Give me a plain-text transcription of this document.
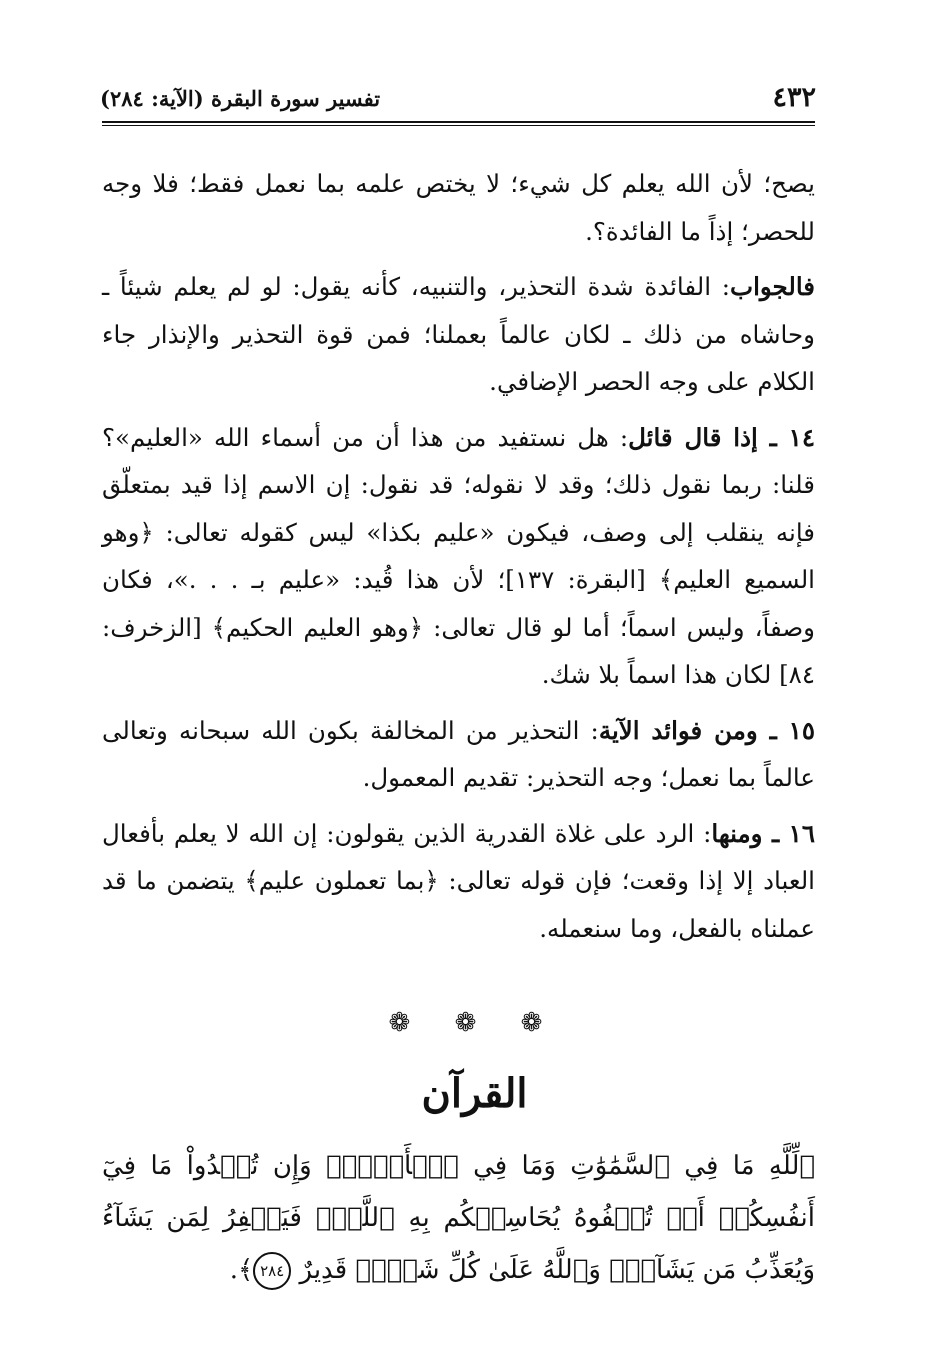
٤٣٢
تفسير سورة البقرة (الآية: ٢٨٤)

يصح؛ لأن الله يعلم كل شيء؛ لا يختص علمه بما نعمل فقط؛ فلا وجه للحصر؛ إذاً ما الفائدة؟.

فالجواب: الفائدة شدة التحذير، والتنبيه، كأنه يقول: لو لم يعلم شيئاً ـ وحاشاه من ذلك ـ لكان عالماً بعملنا؛ فمن قوة التحذير والإنذار جاء الكلام على وجه الحصر الإضافي.

١٤ ـ إذا قال قائل: هل نستفيد من هذا أن من أسماء الله «العليم»؟ قلنا: ربما نقول ذلك؛ وقد لا نقوله؛ قد نقول: إن الاسم إذا قيد بمتعلّق فإنه ينقلب إلى وصف، فيكون «عليم بكذا» ليس كقوله تعالى: ﴿وهو السميع العليم﴾ [البقرة: ١٣٧]؛ لأن هذا قُيد: «عليم بـ . . .»، فكان وصفاً، وليس اسماً؛ أما لو قال تعالى: ﴿وهو العليم الحكيم﴾ [الزخرف: ٨٤] لكان هذا اسماً بلا شك.

١٥ ـ ومن فوائد الآية: التحذير من المخالفة بكون الله سبحانه وتعالى عالماً بما نعمل؛ وجه التحذير: تقديم المعمول.

١٦ ـ ومنها: الرد على غلاة القدرية الذين يقولون: إن الله لا يعلم بأفعال العباد إلا إذا وقعت؛ فإن قوله تعالى: ﴿بما تعملون عليم﴾ يتضمن ما قد عملناه بالفعل، وما سنعمله.

❁ ❁ ❁
القرآن
﴿لِّلَّهِ مَا فِي ٱلسَّمَٰوَٰتِ وَمَا فِي ٱلۡأَرۡضِۗ وَإِن تُبۡدُواْ مَا فِيٓ أَنفُسِكُمۡ أَوۡ تُخۡفُوهُ يُحَاسِبۡكُم بِهِ ٱللَّهُۖ فَيَغۡفِرُ لِمَن يَشَآءُ وَيُعَذِّبُ مَن يَشَآءُۗ وَٱللَّهُ عَلَىٰ كُلِّ شَيۡءٖ قَدِيرٌ ٢٨٤﴾.
